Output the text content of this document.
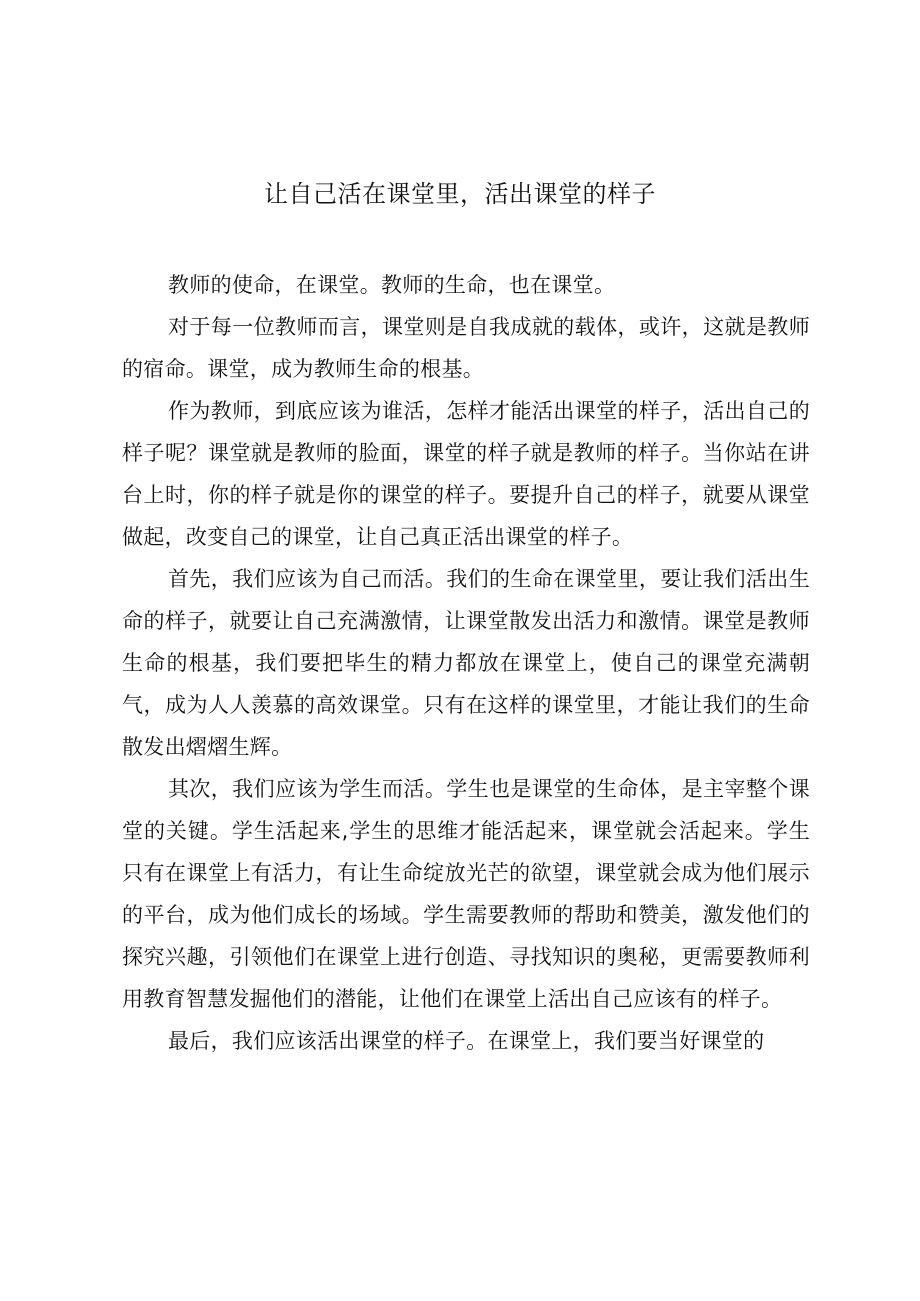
让自己活在课堂里，活出课堂的样子

教师的使命，在课堂。教师的生命，也在课堂。

对于每一位教师而言，课堂则是自我成就的载体，或许，这就是教师的宿命。课堂，成为教师生命的根基。

作为教师，到底应该为谁活，怎样才能活出课堂的样子，活出自己的样子呢？课堂就是教师的脸面，课堂的样子就是教师的样子。当你站在讲台上时，你的样子就是你的课堂的样子。要提升自己的样子，就要从课堂做起，改变自己的课堂，让自己真正活出课堂的样子。

首先，我们应该为自己而活。我们的生命在课堂里，要让我们活出生命的样子，就要让自己充满激情，让课堂散发出活力和激情。课堂是教师生命的根基，我们要把毕生的精力都放在课堂上，使自己的课堂充满朝气，成为人人羡慕的高效课堂。只有在这样的课堂里，才能让我们的生命散发出熠熠生辉。

其次，我们应该为学生而活。学生也是课堂的生命体，是主宰整个课堂的关键。学生活起来,学生的思维才能活起来，课堂就会活起来。学生只有在课堂上有活力，有让生命绽放光芒的欲望，课堂就会成为他们展示的平台，成为他们成长的场域。学生需要教师的帮助和赞美，激发他们的探究兴趣，引领他们在课堂上进行创造、寻找知识的奥秘，更需要教师利用教育智慧发掘他们的潜能，让他们在课堂上活出自己应该有的样子。

最后，我们应该活出课堂的样子。在课堂上，我们要当好课堂的
